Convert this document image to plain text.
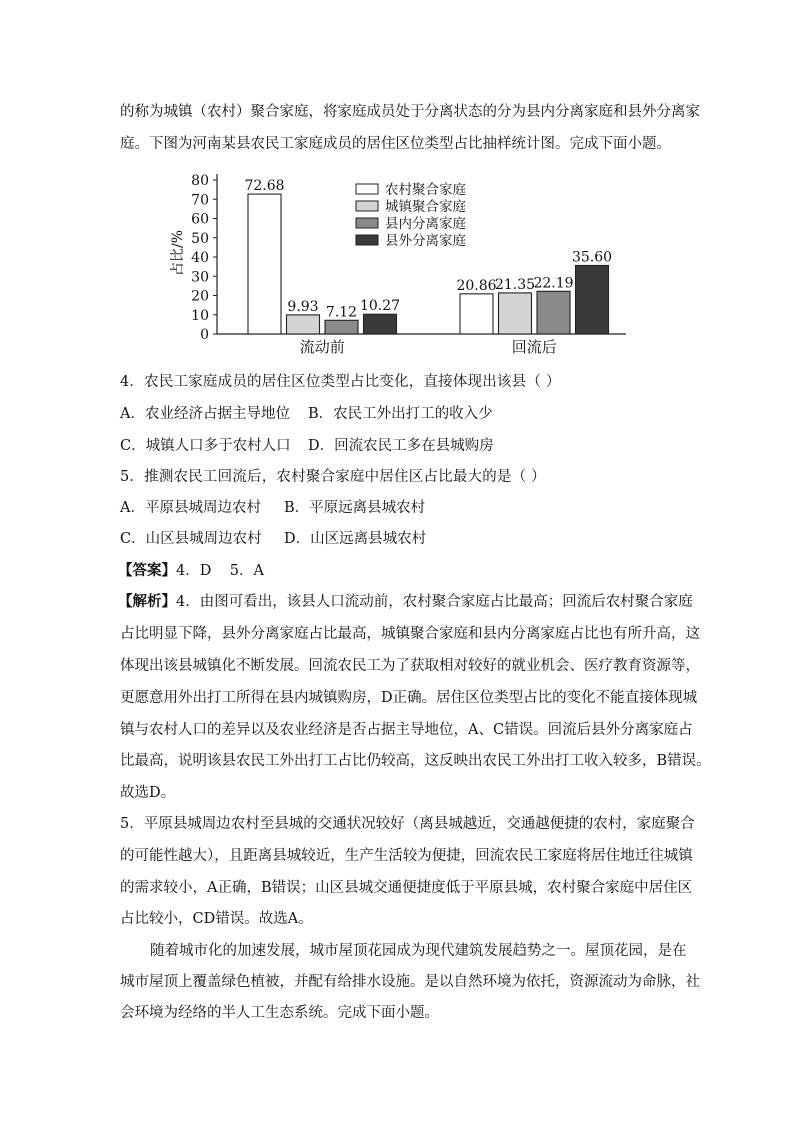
的称为城镇（农村）聚合家庭，将家庭成员处于分离状态的分为县内分离家庭和县外分离家
庭。下图为河南某县农民工家庭成员的居住区位类型占比抽样统计图。完成下面小题。
0
10
20
30
40
50
60
70
80
占比/%
72.68
9.93 7.12 10.27
20.86
21.35
22.19
35.60
流动前	回流后
农村聚合家庭
城镇聚合家庭
县内分离家庭
县外分离家庭
4．农民工家庭成员的居住区位类型占比变化，直接体现出该县（ ）
A．农业经济占据主导地位 B．农民工外出打工的收入少
C．城镇人口多于农村人口 D．回流农民工多在县城购房
5．推测农民工回流后，农村聚合家庭中居住区占比最大的是（ ）
A．平原县城周边农村 B．平原远离县城农村
C．山区县城周边农村 D．山区远离县城农村
【答案】4．D    5．A
【解析】4．由图可看出，该县人口流动前，农村聚合家庭占比最高；回流后农村聚合家庭
占比明显下降，县外分离家庭占比最高，城镇聚合家庭和县内分离家庭占比也有所升高，这
体现出该县城镇化不断发展。回流农民工为了获取相对较好的就业机会、医疗教育资源等，
更愿意用外出打工所得在县内城镇购房，D正确。居住区位类型占比的变化不能直接体现城
镇与农村人口的差异以及农业经济是否占据主导地位，A、C错误。回流后县外分离家庭占
比最高，说明该县农民工外出打工占比仍较高，这反映出农民工外出打工收入较多，B错误。
故选D。
5．平原县城周边农村至县城的交通状况较好（离县城越近，交通越便捷的农村，家庭聚合
的可能性越大），且距离县城较近，生产生活较为便捷，回流农民工家庭将居住地迁往城镇
的需求较小，A正确，B错误；山区县城交通便捷度低于平原县城，农村聚合家庭中居住区
占比较小，CD错误。故选A。
随着城市化的加速发展，城市屋顶花园成为现代建筑发展趋势之一。屋顶花园，是在
城市屋顶上覆盖绿色植被，并配有给排水设施。是以自然环境为依托，资源流动为命脉，社
会环境为经络的半人工生态系统。完成下面小题。
